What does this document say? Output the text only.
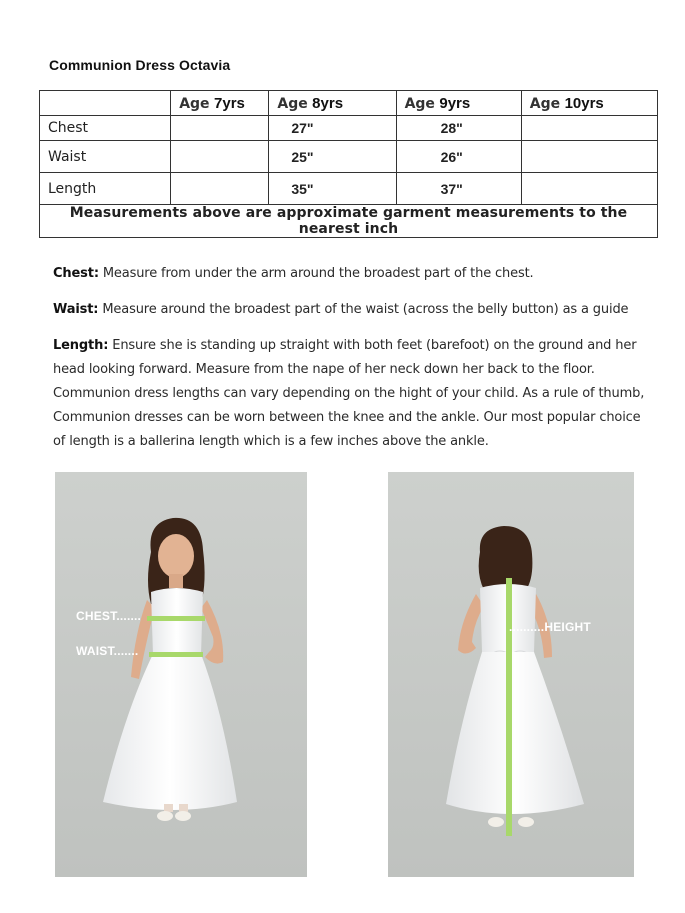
Communion Dress Octavia
	Age 7yrs	Age 8yrs	Age 9yrs	Age 10yrs
Chest		27"	28"	
Waist		25"	26"	
Length		35"	37"	
Measurements above are approximate garment measurements to the nearest inch				

Chest: Measure from under the arm around the broadest part of the chest.

Waist: Measure around the broadest part of the waist (across the belly button) as a guide

Length: Ensure she is standing up straight with both feet (barefoot) on the ground and her head looking forward. Measure from the nape of her neck down her back to the floor. Communion dress lengths can vary depending on the hight of your child. As a rule of thumb, Communion dresses can be worn between the knee and the ankle. Our most popular choice of length is a ballerina length which is a few inches above the ankle.

CHEST.......
WAIST.......
..........HEIGHT
